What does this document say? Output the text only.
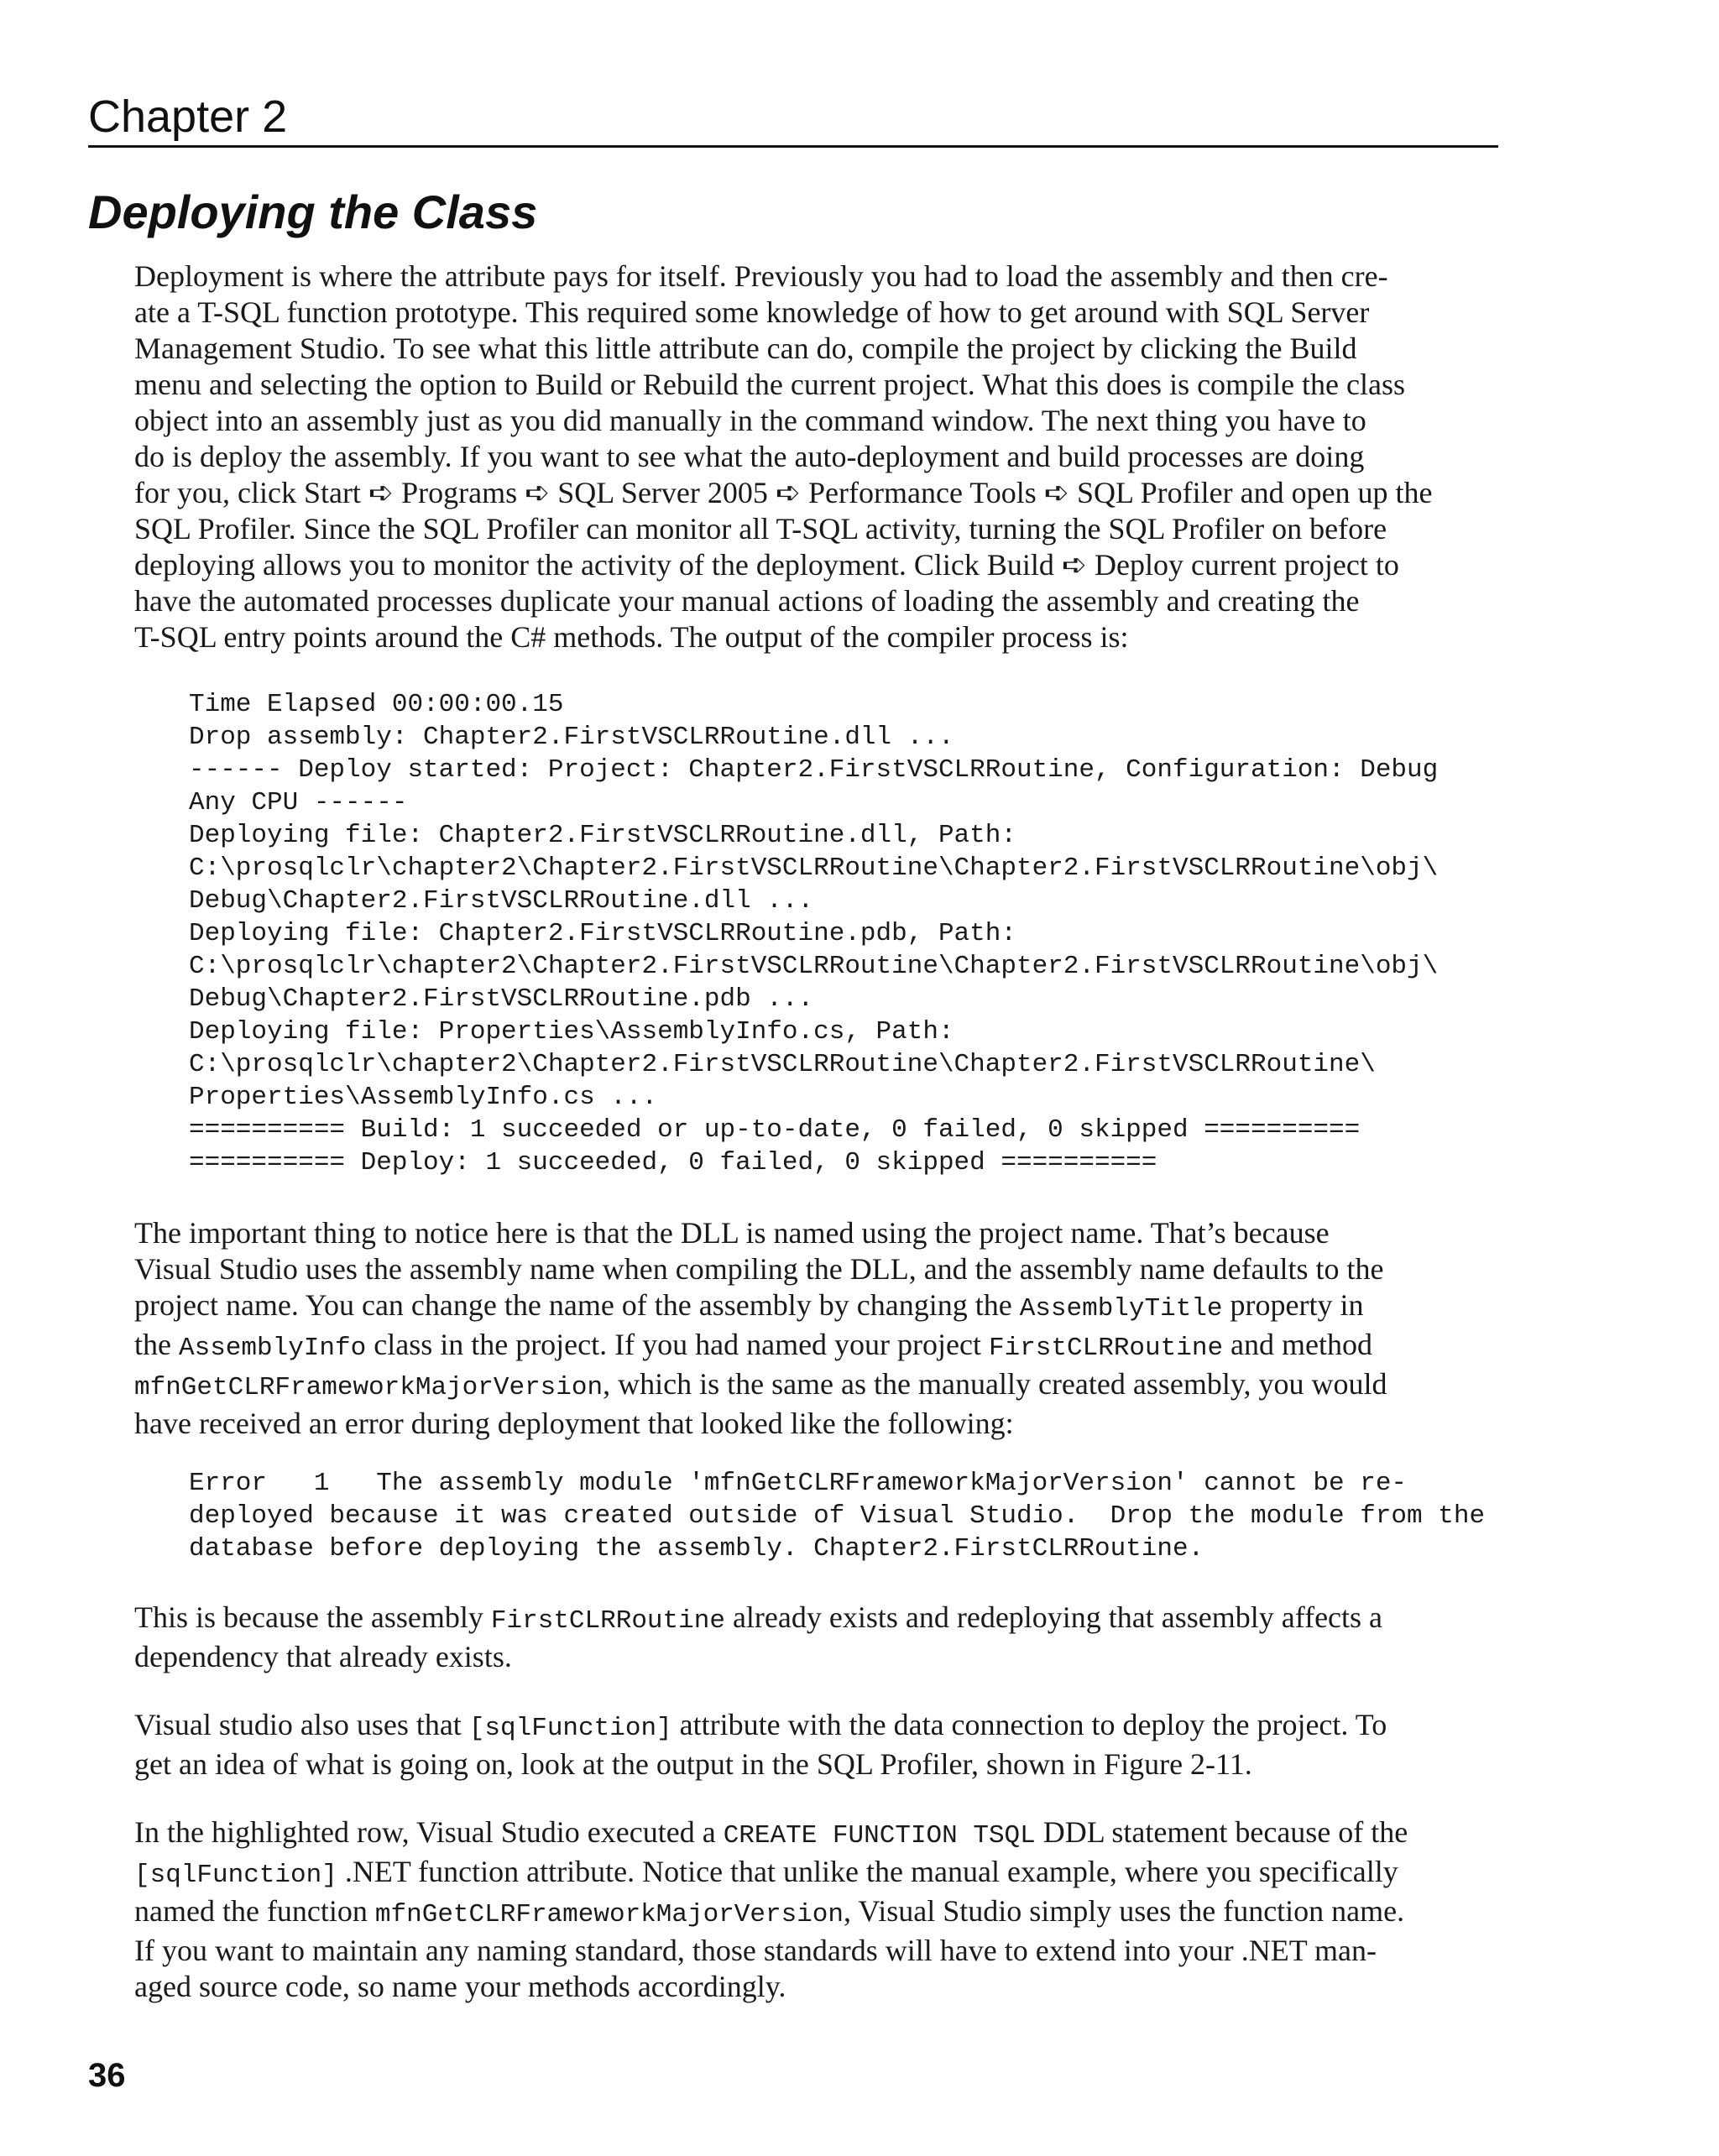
Chapter 2
Deploying the Class

Deployment is where the attribute pays for itself. Previously you had to load the assembly and then cre-
ate a T-SQL function prototype. This required some knowledge of how to get around with SQL Server
Management Studio. To see what this little attribute can do, compile the project by clicking the Build
menu and selecting the option to Build or Rebuild the current project. What this does is compile the class
object into an assembly just as you did manually in the command window. The next thing you have to
do is deploy the assembly. If you want to see what the auto-deployment and build processes are doing
for you, click Start ➪ Programs ➪ SQL Server 2005 ➪ Performance Tools ➪ SQL Profiler and open up the
SQL Profiler. Since the SQL Profiler can monitor all T-SQL activity, turning the SQL Profiler on before
deploying allows you to monitor the activity of the deployment. Click Build ➪ Deploy current project to
have the automated processes duplicate your manual actions of loading the assembly and creating the
T-SQL entry points around the C# methods. The output of the compiler process is:

Time Elapsed 00:00:00.15
Drop assembly: Chapter2.FirstVSCLRRoutine.dll ...
------ Deploy started: Project: Chapter2.FirstVSCLRRoutine, Configuration: Debug
Any CPU ------
Deploying file: Chapter2.FirstVSCLRRoutine.dll, Path:
C:\prosqlclr\chapter2\Chapter2.FirstVSCLRRoutine\Chapter2.FirstVSCLRRoutine\obj\
Debug\Chapter2.FirstVSCLRRoutine.dll ...
Deploying file: Chapter2.FirstVSCLRRoutine.pdb, Path:
C:\prosqlclr\chapter2\Chapter2.FirstVSCLRRoutine\Chapter2.FirstVSCLRRoutine\obj\
Debug\Chapter2.FirstVSCLRRoutine.pdb ...
Deploying file: Properties\AssemblyInfo.cs, Path:
C:\prosqlclr\chapter2\Chapter2.FirstVSCLRRoutine\Chapter2.FirstVSCLRRoutine\
Properties\AssemblyInfo.cs ...
========== Build: 1 succeeded or up-to-date, 0 failed, 0 skipped ==========
========== Deploy: 1 succeeded, 0 failed, 0 skipped ==========

The important thing to notice here is that the DLL is named using the project name. That’s because
Visual Studio uses the assembly name when compiling the DLL, and the assembly name defaults to the
project name. You can change the name of the assembly by changing the AssemblyTitle property in
the AssemblyInfo class in the project. If you had named your project FirstCLRRoutine and method
mfnGetCLRFrameworkMajorVersion, which is the same as the manually created assembly, you would
have received an error during deployment that looked like the following:

Error   1   The assembly module 'mfnGetCLRFrameworkMajorVersion' cannot be re-
deployed because it was created outside of Visual Studio.  Drop the module from the
database before deploying the assembly. Chapter2.FirstCLRRoutine.

This is because the assembly FirstCLRRoutine already exists and redeploying that assembly affects a
dependency that already exists.

Visual studio also uses that [sqlFunction] attribute with the data connection to deploy the project. To
get an idea of what is going on, look at the output in the SQL Profiler, shown in Figure 2-11.

In the highlighted row, Visual Studio executed a CREATE FUNCTION TSQL DDL statement because of the
[sqlFunction] .NET function attribute. Notice that unlike the manual example, where you specifically
named the function mfnGetCLRFrameworkMajorVersion, Visual Studio simply uses the function name.
If you want to maintain any naming standard, those standards will have to extend into your .NET man-
aged source code, so name your methods accordingly.

36
